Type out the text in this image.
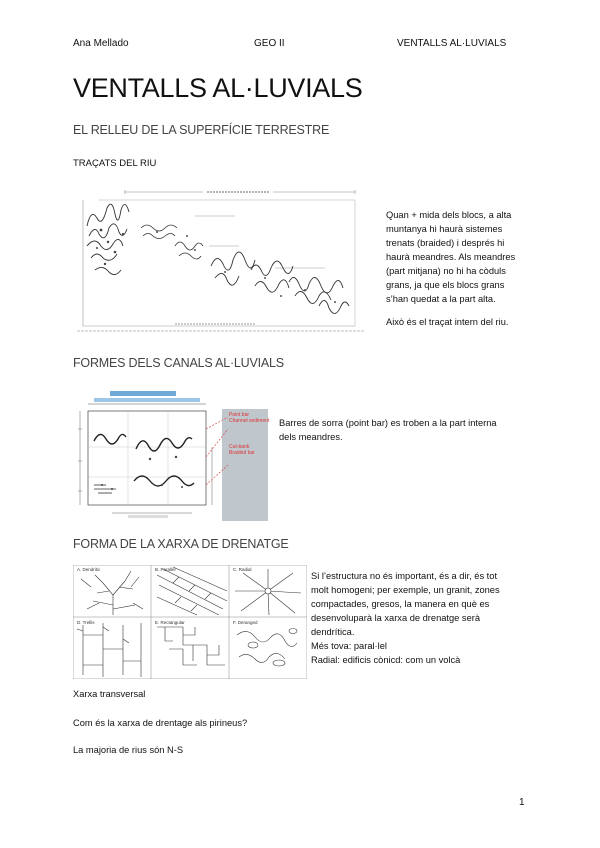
Ana Mellado	GEO II	VENTALLS AL·LUVIALS
VENTALLS AL·LUVIALS
EL RELLEU DE LA SUPERFÍCIE TERRESTRE
TRAÇATS DEL RIU
Quan + mida dels blocs, a alta
muntanya hi haurà sistemes
trenats (braided) i després hi
haurà meandres. Als meandres
(part mitjana) no hi ha còduls
grans, ja que els blocs grans
s’han quedat a la part alta.
Això és el traçat intern del riu.
FORMES DELS CANALS AL·LUVIALS
Point bar
Channel sediment
Cut-bank
Braided bar
Barres de sorra (point bar) es troben a la part interna
dels meandres.
FORMA DE LA XARXA DE DRENATGE
A. Dendritic	B. Parallel	C. Radial
D. Trellis	E. Rectangular	F. Deranged
Si l’estructura no és important, és a dir, és tot
molt homogeni; per exemple, un granit, zones
compactades, gresos, la manera en què es
desenvoluparà la xarxa de drenatge serà
dendrítica.
Més tova: paral·lel
Radial: edificis cònicd: com un volcà
Xarxa transversal
Com és la xarxa de drentage als pirineus?
La majoria de rius són N-S
1
